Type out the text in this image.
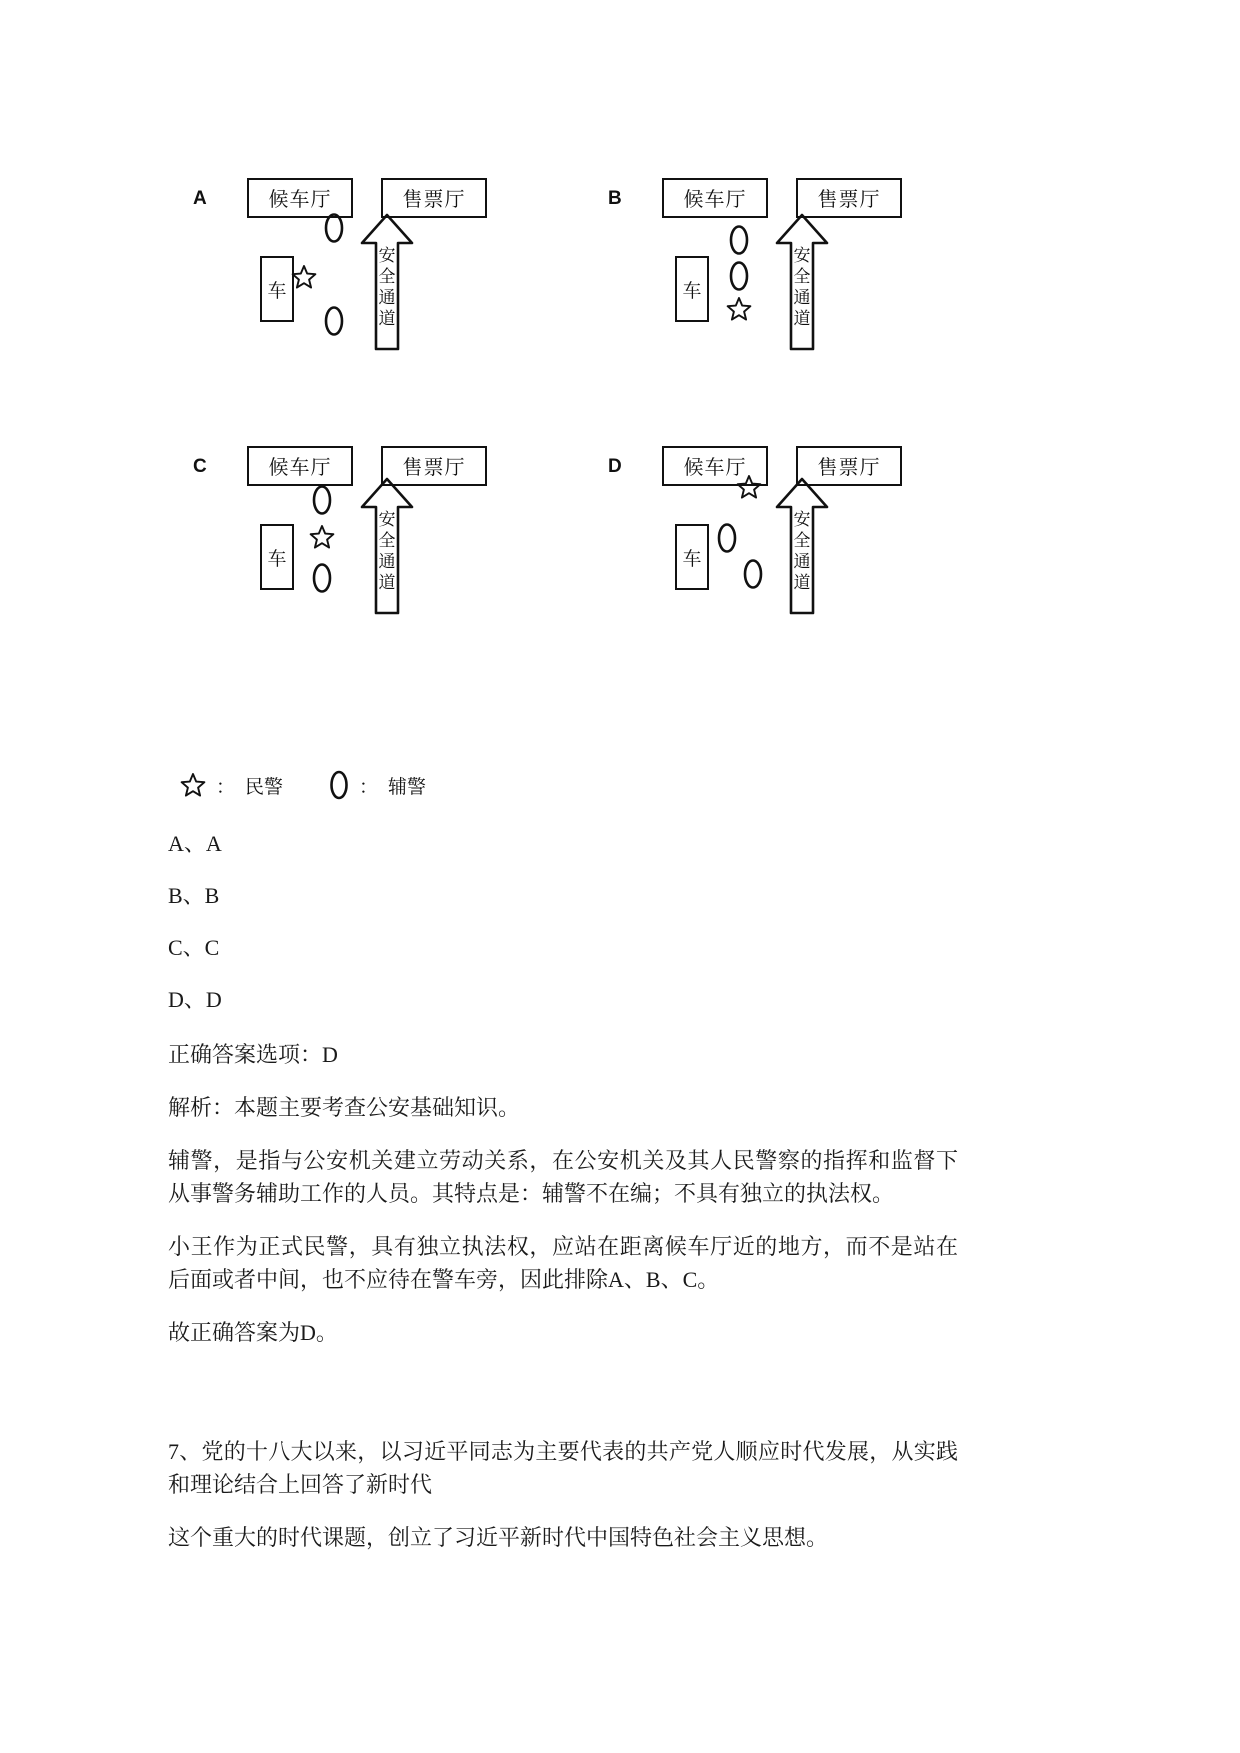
A	候车厅	售票厅
车
安
全
通
道
B	候车厅	售票厅
车
安
全
通
道
C	候车厅	售票厅
车
安
全
通
道
D	候车厅	售票厅
车
安
全
通
道
： 民警	： 辅警

A、A

B、B

C、C

D、D

正确答案选项：D

解析：本题主要考查公安基础知识。

辅警，是指与公安机关建立劳动关系，在公安机关及其人民警察的指挥和监督下从事警务辅助工作的人员。其特点是：辅警不在编；不具有独立的执法权。

小王作为正式民警，具有独立执法权，应站在距离候车厅近的地方，而不是站在后面或者中间，也不应待在警车旁，因此排除A、B、C。

故正确答案为D。

7、党的十八大以来，以习近平同志为主要代表的共产党人顺应时代发展，从实践和理论结合上回答了新时代

这个重大的时代课题，创立了习近平新时代中国特色社会主义思想。
